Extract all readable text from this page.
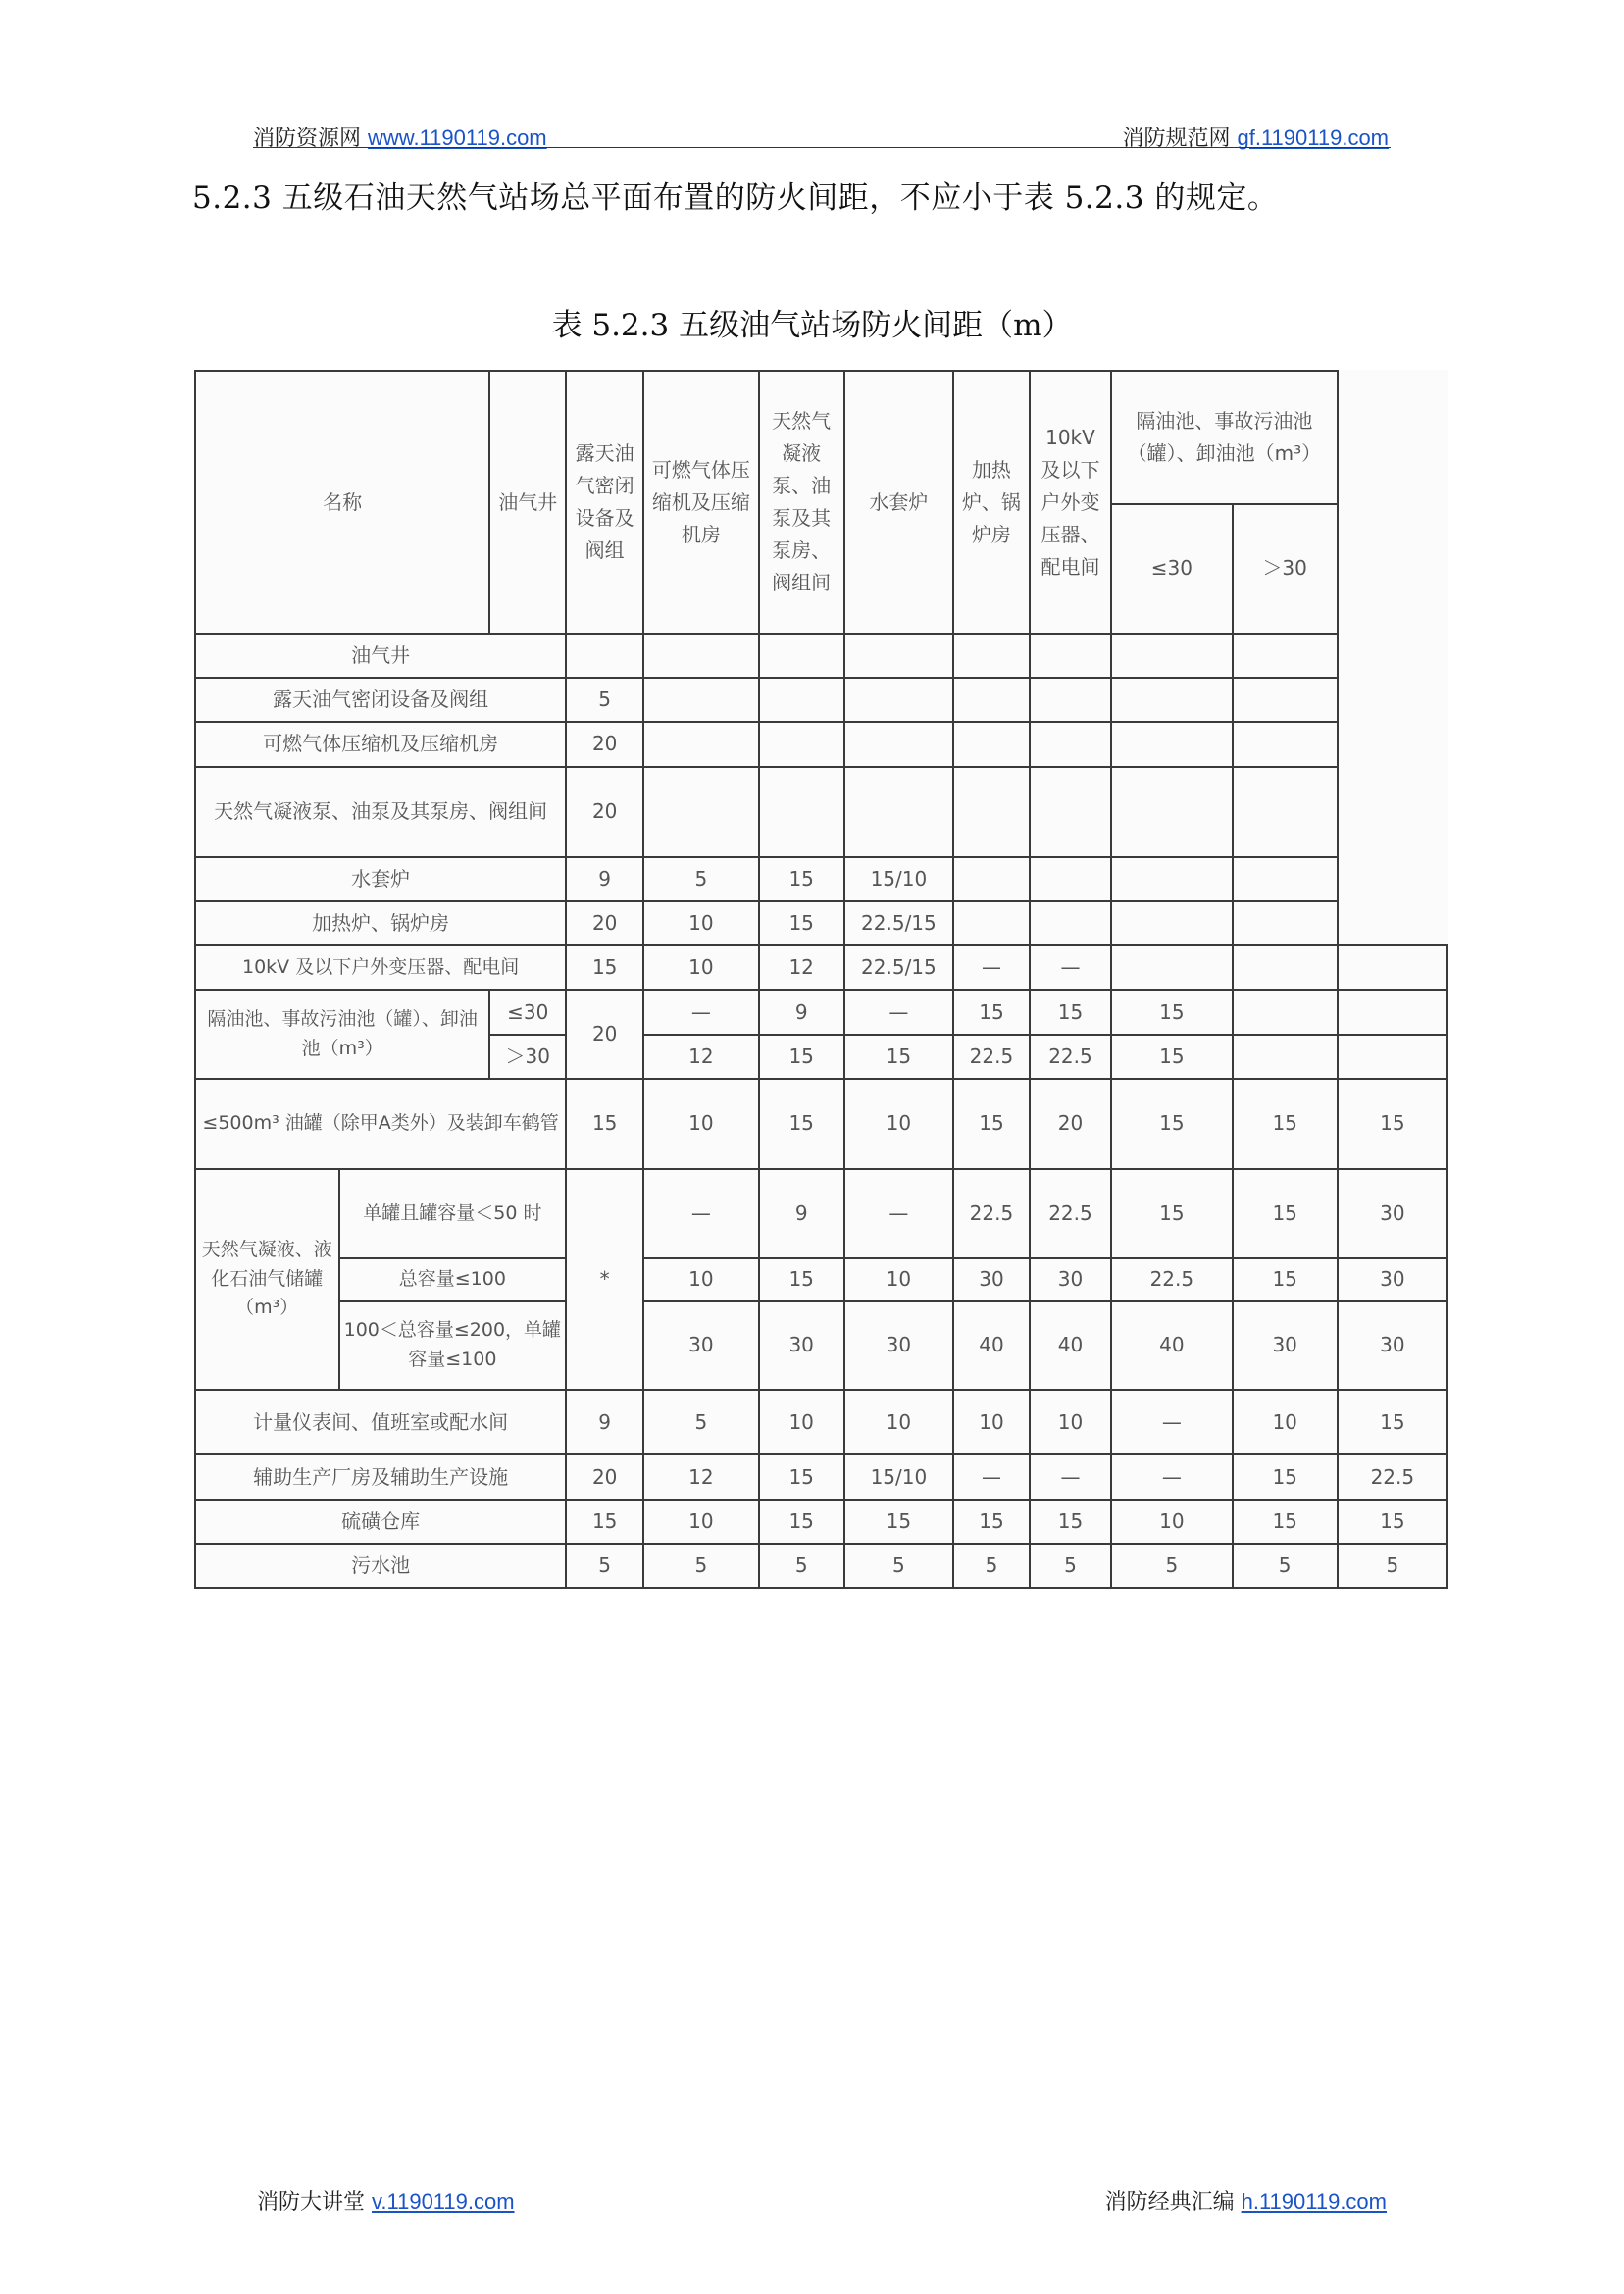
消防资源网 www.1190119.com	消防规范网 gf.1190119.com
5.2.3 五级石油天然气站场总平面布置的防火间距，不应小于表 5.2.3 的规定。
表 5.2.3 五级油气站场防火间距（m）
名称		油气井	露天油气密闭设备及阀组	可燃气体压缩机及压缩机房	天然气凝液泵、油泵及其泵房、阀组间	水套炉	加热炉、锅炉房	10kV 及以下户外变压器、配电间	隔油池、事故污油池（罐）、卸油池（m³）		
									≤30	＞30	
油气井											
露天油气密闭设备及阀组			5								
可燃气体压缩机及压缩机房			20								
天然气凝液泵、油泵及其泵房、阀组间			20								
水套炉			9	5	15	15/10					
加热炉、锅炉房			20	10	15	22.5/15					
10kV 及以下户外变压器、配电间			15	10	12	22.5/15	—	—			
隔油池、事故污油池（罐）、卸油池（m³）		≤30	20	—	9	—	15	15	15		
		＞30		12	15	15	22.5	22.5	15		
≤500m³ 油罐（除甲A类外）及装卸车鹤管			15	10	15	10	15	20	15	15	15
天然气凝液、液化石油气储罐（m³）	单罐且罐容量＜50 时		*	—	9	—	22.5	22.5	15	15	30
	总容量≤100			10	15	10	30	30	22.5	15	30
	100＜总容量≤200，单罐容量≤100			30	30	30	40	40	40	30	30
计量仪表间、值班室或配水间			9	5	10	10	10	10	—	10	15
辅助生产厂房及辅助生产设施			20	12	15	15/10	—	—	—	15	22.5
硫磺仓库			15	10	15	15	15	15	10	15	15
污水池			5	5	5	5	5	5	5	5	5
消防大讲堂 v.1190119.com	消防经典汇编 h.1190119.com
